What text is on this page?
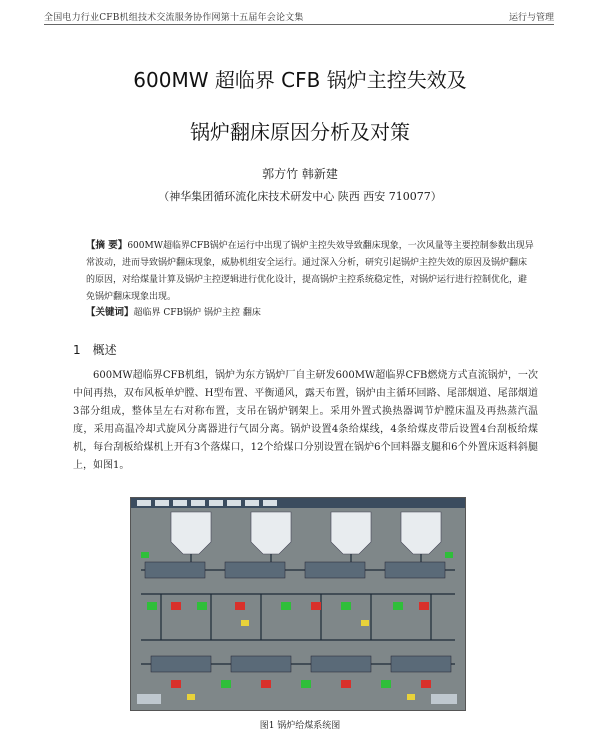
全国电力行业CFB机组技术交流服务协作网第十五届年会论文集	运行与管理
600MW 超临界 CFB 锅炉主控失效及
锅炉翻床原因分析及对策
郭方竹 韩新建
（神华集团循环流化床技术研发中心 陕西 西安 710077）
【摘 要】600MW超临界CFB锅炉在运行中出现了锅炉主控失效导致翻床现象，一次风量等主要控制参数出现异常波动，进而导致锅炉翻床现象，威胁机组安全运行。通过深入分析，研究引起锅炉主控失效的原因及锅炉翻床的原因，对给煤量计算及锅炉主控逻辑进行优化设计，提高锅炉主控系统稳定性，对锅炉运行进行控制优化，避免锅炉翻床现象出现。
【关键词】超临界 CFB锅炉 锅炉主控 翻床
1 概述
600MW超临界CFB机组，锅炉为东方锅炉厂自主研发600MW超临界CFB燃烧方式直流锅炉，一次中间再热，双布风板单炉膛、H型布置、平衡通风，露天布置，锅炉由主循环回路、尾部烟道、尾部烟道3部分组成，整体呈左右对称布置，支吊在锅炉钢架上。采用外置式换热器调节炉膛床温及再热蒸汽温度，采用高温冷却式旋风分离器进行气固分离。锅炉设置4条给煤线，4条给煤皮带后设置4台刮板给煤机，每台刮板给煤机上开有3个落煤口，12个给煤口分别设置在锅炉6个回料器支腿和6个外置床返料斜腿上，如图1。
图1 锅炉给煤系统图
